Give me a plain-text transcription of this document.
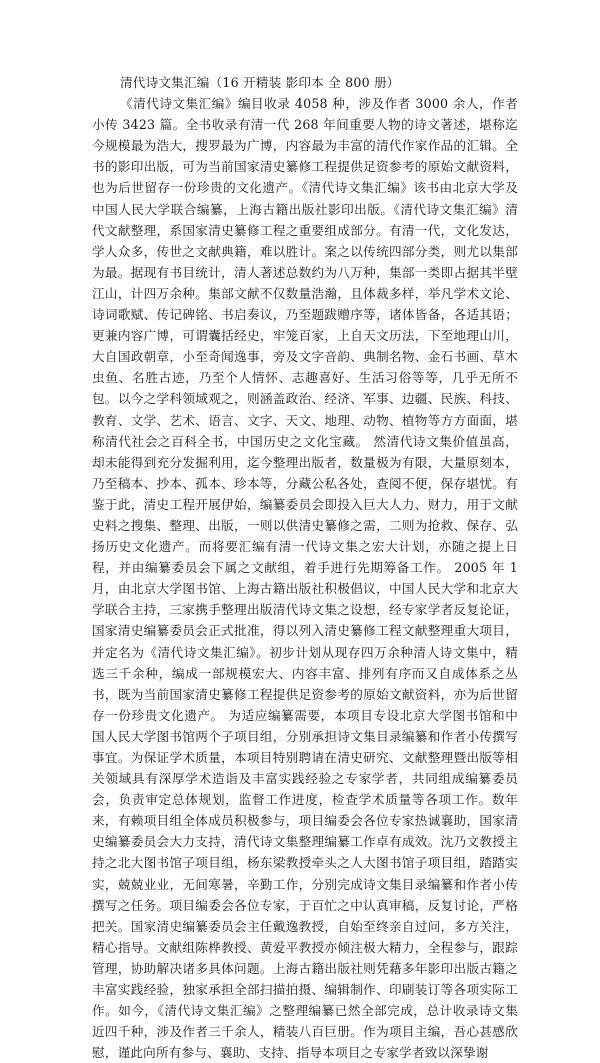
清代诗文集汇编（16 开精装 影印本 全 800 册）

《清代诗文集汇编》编目收录 4058 种，涉及作者 3000 余人，作者小传 3423 篇。全书收录有清一代 268 年间重要人物的诗文著述，堪称迄今规模最为浩大，搜罗最为广博，内容最为丰富的清代作家作品的汇辑。全书的影印出版，可为当前国家清史纂修工程提供足资参考的原始文献资料，也为后世留存一份珍贵的文化遗产。《清代诗文集汇编》该书由北京大学及中国人民大学联合编纂，上海古籍出版社影印出版。《清代诗文集汇编》清代文献整理，系国家清史纂修工程之重要组成部分。有清一代，文化发达，学人众多，传世之文献典籍，难以胜计。案之以传统四部分类，则尤以集部为最。据现有书目统计，清人著述总数约为八万种，集部一类即占据其半壁江山，计四万余种。集部文献不仅数量浩瀚，且体裁多样，举凡学术文论、诗词歌赋、传记碑铭、书启奏议，乃至题跋赠序等，诸体皆备，各适其语；更兼内容广博，可谓囊括经史，牢笼百家，上自天文历法，下至地理山川，大自国政朝章，小至奇闻逸事，旁及文字音韵、典制名物、金石书画、草木虫鱼、名胜古迹，乃至个人情怀、志趣喜好、生活习俗等等，几乎无所不包。以今之学科领域观之，则涵盖政治、经济、军事、边疆、民族、科技、教育、文学、艺术、语言、文字、天文、地理、动物、植物等方方面面，堪称清代社会之百科全书，中国历史之文化宝藏。 然清代诗文集价值虽高，却未能得到充分发掘利用，迄今整理出版者，数量极为有限，大量原刻本，乃至稿本、抄本、孤本、珍本等，分藏公私各处，查阅不便，保存堪忧。有鉴于此，清史工程开展伊始，编纂委员会即投入巨大人力、财力，用于文献史料之搜集、整理、出版，一则以供清史纂修之需，二则为抢救、保存、弘扬历史文化遗产。而将要汇编有清一代诗文集之宏大计划，亦随之提上日程，并由编纂委员会下属之文献组，着手进行先期筹备工作。 2005 年 1 月，由北京大学图书馆、上海古籍出版社积极倡议，中国人民大学和北京大学联合主持，三家携手整理出版清代诗文集之设想，经专家学者反复论证，国家清史编纂委员会正式批准，得以列入清史纂修工程文献整理重大项目，并定名为《清代诗文集汇编》。初步计划从现存四万余种清人诗文集中，精选三千余种，编成一部规模宏大、内容丰富、排列有序而又自成体系之丛书，既为当前国家清史纂修工程提供足资参考的原始文献资料，亦为后世留存一份珍贵文化遗产。 为适应编纂需要，本项目专设北京大学图书馆和中国人民大学图书馆两个子项目组，分别承担诗文集目录编纂和作者小传撰写事宜。为保证学术质量，本项目特别聘请在清史研究、文献整理暨出版等相关领域具有深厚学术造诣及丰富实践经验之专家学者，共同组成编纂委员会，负责审定总体规划，监督工作进度，检查学术质量等各项工作。数年来，有赖项目组全体成员积极参与，项目编委会各位专家热诚襄助，国家清史编纂委员会大力支持，清代诗文集整理编纂工作卓有成效。沈乃文教授主持之北大图书馆子项目组，杨东梁教授牵头之人大图书馆子项目组，踏踏实实，兢兢业业，无间寒暑，辛勤工作，分别完成诗文集目录编纂和作者小传撰写之任务。项目编委会各位专家，于百忙之中认真审稿，反复讨论，严格把关。国家清史编纂委员会主任戴逸教授，自始至终亲自过问，多方关注，精心指导。文献组陈桦教授、黄爱平教授亦倾注极大精力，全程参与，跟踪管理，协助解决诸多具体问题。上海古籍出版社则凭藉多年影印出版古籍之丰富实践经验，独家承担全部扫描拍摄、编辑制作、印刷装订等各项实际工作。如今，《清代诗文集汇编》之整理编纂已然全部完成，总计收录诗文集近四千种，涉及作者三千余人，精装八百巨册。作为项目主编，吾心甚感欣慰，谨此向所有参与、襄助、支持、指导本项目之专家学者致以深挚谢
